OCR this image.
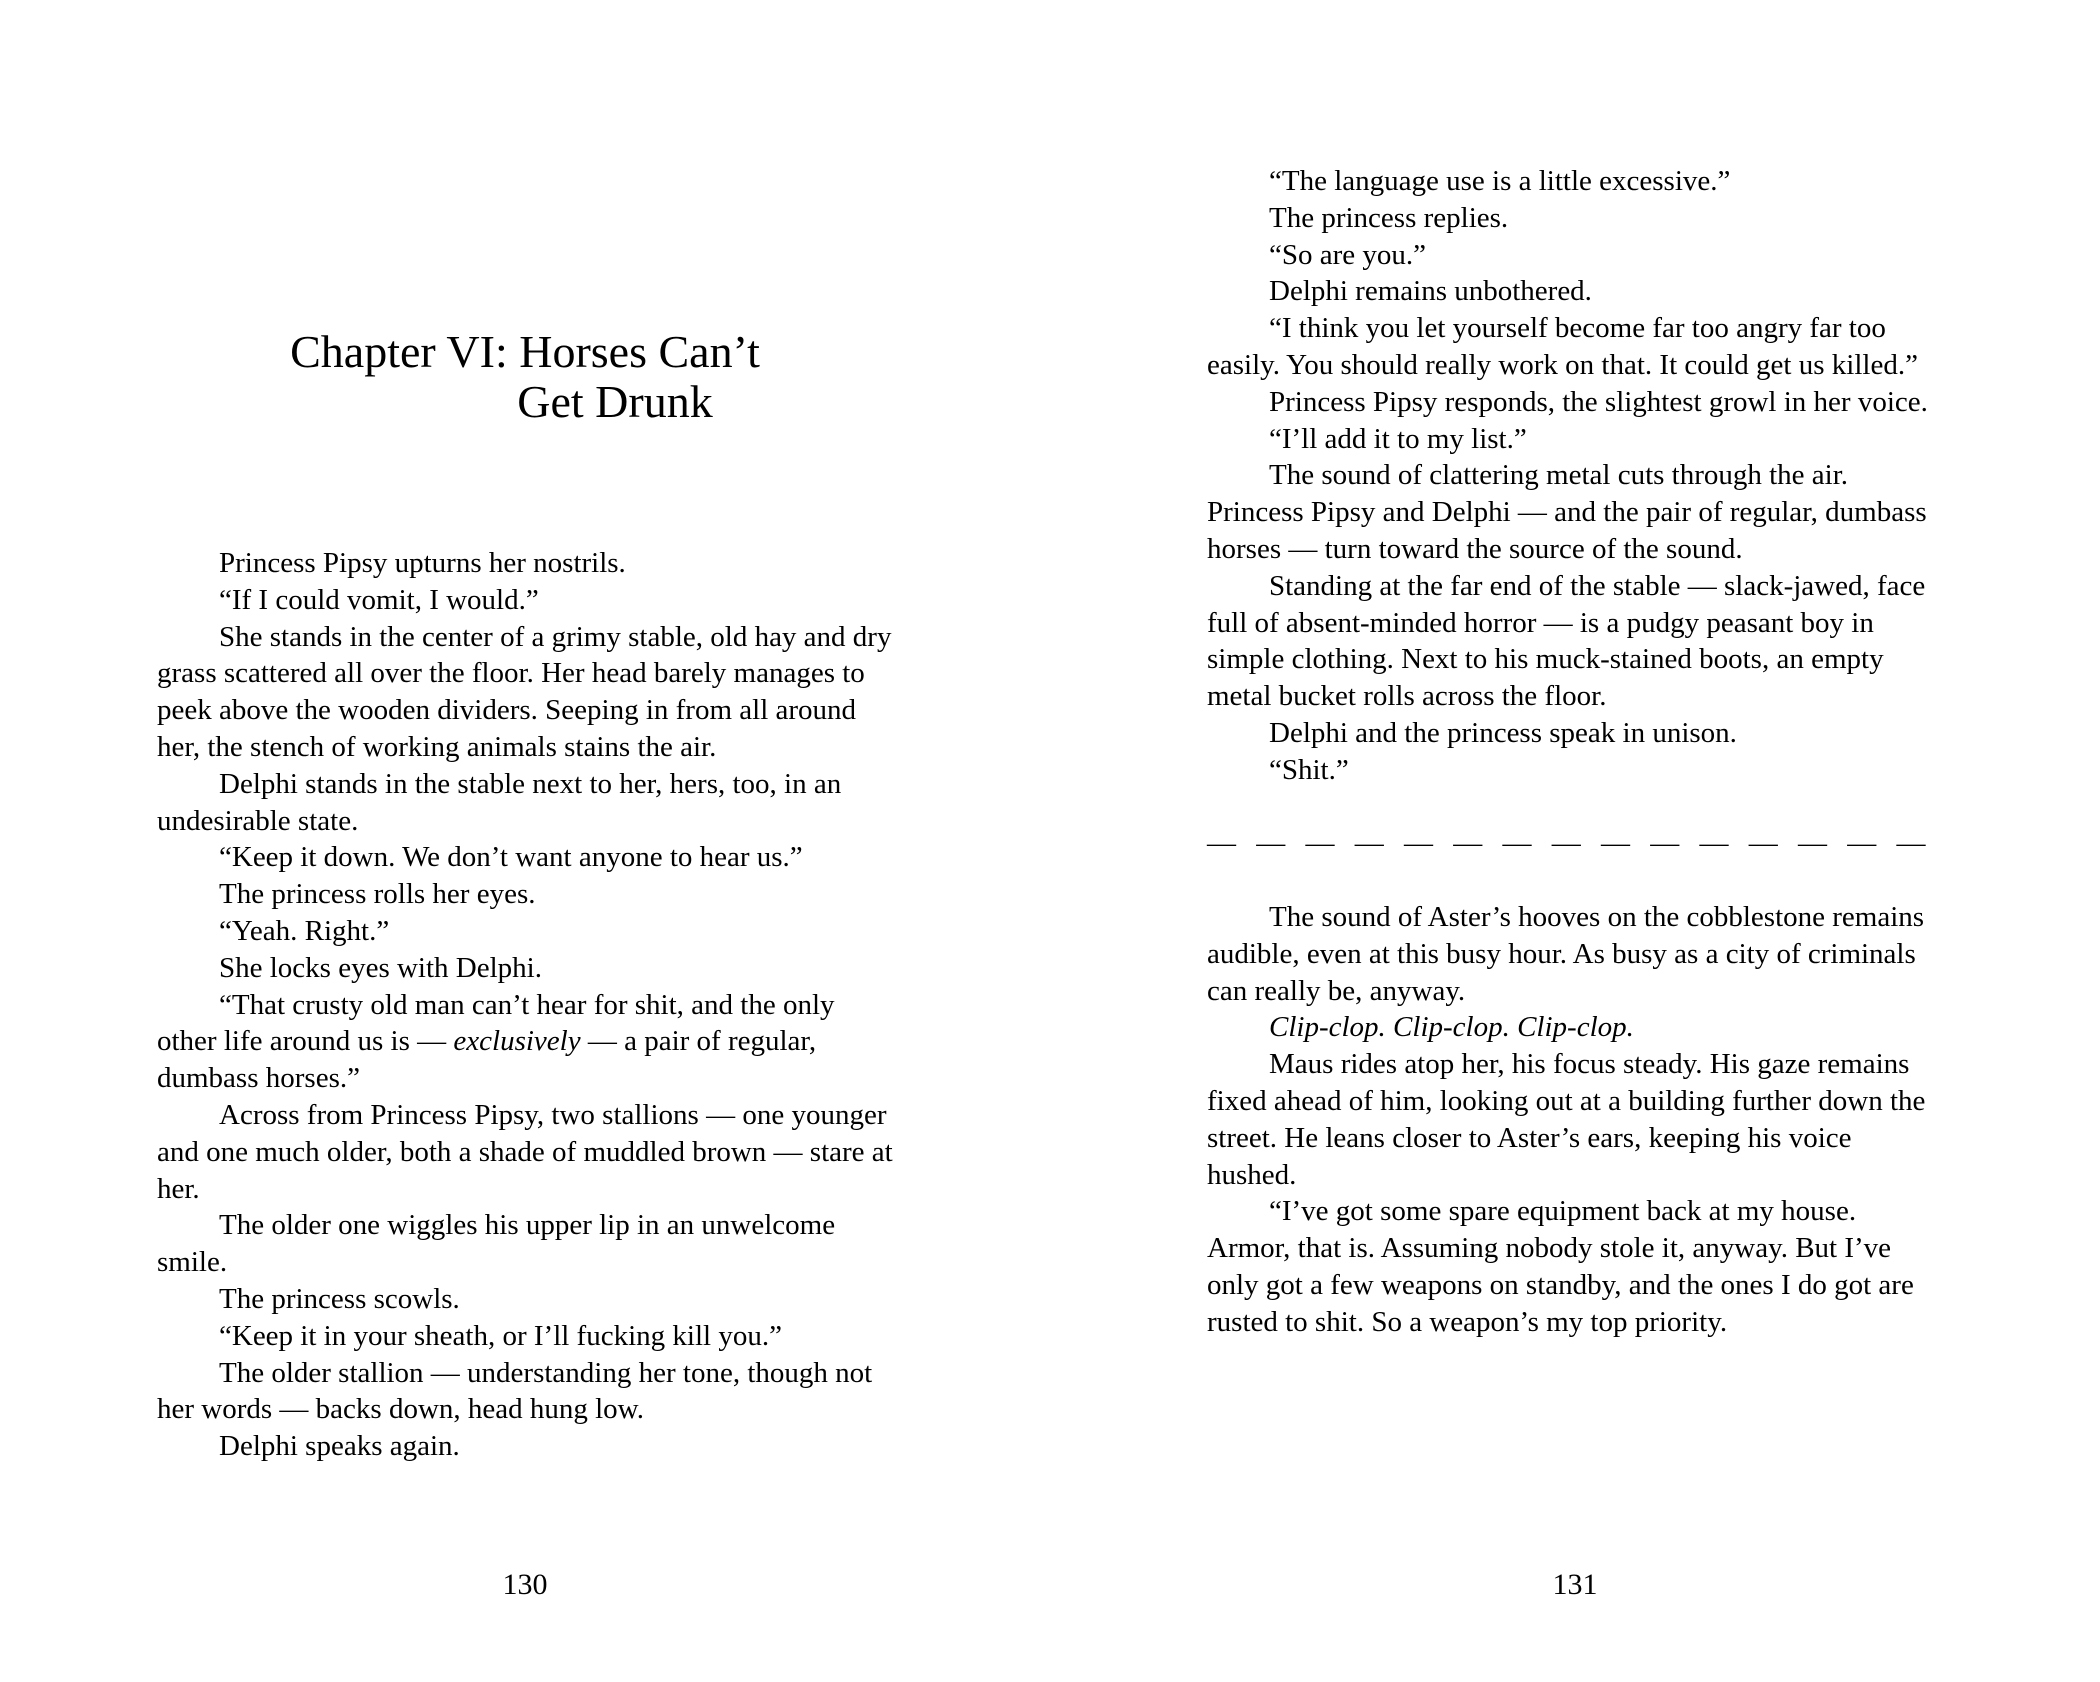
Chapter VI: Horses Can’t
Get Drunk

Princess Pipsy upturns her nostrils.

“If I could vomit, I would.”

She stands in the center of a grimy stable, old hay and dry grass scattered all over the floor. Her head barely manages to peek above the wooden dividers. Seeping in from all around her, the stench of working animals stains the air.

Delphi stands in the stable next to her, hers, too, in an undesirable state.

“Keep it down. We don’t want anyone to hear us.”

The princess rolls her eyes.

“Yeah. Right.”

She locks eyes with Delphi.

“That crusty old man can’t hear for shit, and the only other life around us is — exclusively — a pair of regular, dumbass horses.”

Across from Princess Pipsy, two stallions — one younger and one much older, both a shade of muddled brown — stare at her.

The older one wiggles his upper lip in an unwelcome smile.

The princess scowls.

“Keep it in your sheath, or I’ll fucking kill you.”

The older stallion — understanding her tone, though not her words — backs down, head hung low.

Delphi speaks again.

130

“The language use is a little excessive.”

The princess replies.

“So are you.”

Delphi remains unbothered.

“I think you let yourself become far too angry far too easily. You should really work on that. It could get us killed.”

Princess Pipsy responds, the slightest growl in her voice.

“I’ll add it to my list.”

The sound of clattering metal cuts through the air. Princess Pipsy and Delphi — and the pair of regular, dumbass horses — turn toward the source of the sound.

Standing at the far end of the stable — slack-jawed, face full of absent-minded horror — is a pudgy peasant boy in simple clothing. Next to his muck-stained boots, an empty metal bucket rolls across the floor.

Delphi and the princess speak in unison.

“Shit.”

— — — — — — — — — — — — — — —

The sound of Aster’s hooves on the cobblestone remains audible, even at this busy hour. As busy as a city of criminals can really be, anyway.

Clip-clop. Clip-clop. Clip-clop.

Maus rides atop her, his focus steady. His gaze remains fixed ahead of him, looking out at a building further down the street. He leans closer to Aster’s ears, keeping his voice hushed.

“I’ve got some spare equipment back at my house. Armor, that is. Assuming nobody stole it, anyway. But I’ve only got a few weapons on standby, and the ones I do got are rusted to shit. So a weapon’s my top priority.

131
